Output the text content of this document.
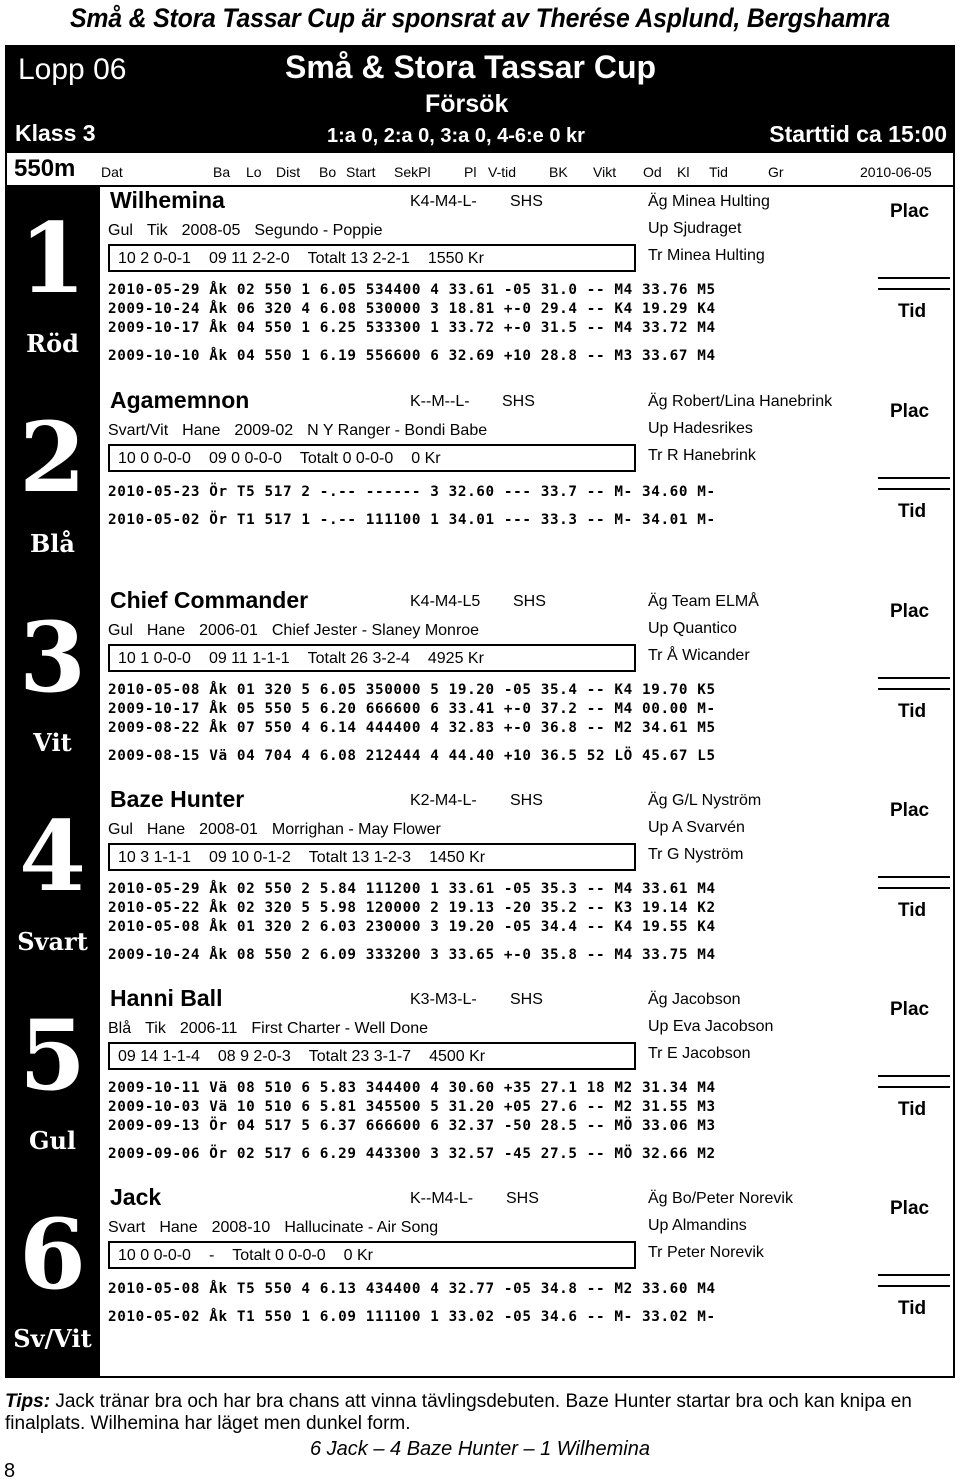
Små & Stora Tassar Cup är sponsrat av Therése Asplund, Bergshamra
Lopp 06	Små & Stora Tassar Cup
Försök
Klass 3	1:a 0, 2:a 0, 3:a 0, 4-6:e 0 kr	Starttid ca 15:00
550m Dat	Ba Lo Dist Bo Start SekPl Pl V-tid BK Vikt Od Kl Tid	Gr	2010-06-05
1
Röd
2
Blå
3
Vit
4
Svart
5
Gul
6
Sv/Vit
Wilhemina	K4-M4-L- SHS
Gul Tik 2008-05 Segundo - Poppie
10 2 0-0-1 09 11 2-2-0 Totalt 13 2-2-1 1550 Kr
Äg Minea Hulting
Up Sjudraget
Tr Minea Hulting
2010-05-29 Åk 02 550 1 6.05 534400 4 33.61 -05 31.0 -- M4 33.76 M5
2009-10-24 Åk 06 320 4 6.08 530000 3 18.81 +-0 29.4 -- K4 19.29 K4
2009-10-17 Åk 04 550 1 6.25 533300 1 33.72 +-0 31.5 -- M4 33.72 M4
2009-10-10 Åk 04 550 1 6.19 556600 6 32.69 +10 28.8 -- M3 33.67 M4
Plac
Tid
Agamemnon	K--M--L- SHS
Svart/Vit Hane 2009-02 N Y Ranger - Bondi Babe
10 0 0-0-0 09 0 0-0-0 Totalt 0 0-0-0 0 Kr
Äg Robert/Lina Hanebrink
Up Hadesrikes
Tr R Hanebrink
2010-05-23 Ör T5 517 2 -.-- ------ 3 32.60 --- 33.7 -- M- 34.60 M-
2010-05-02 Ör T1 517 1 -.-- 111100 1 34.01 --- 33.3 -- M- 34.01 M-
Plac
Tid
Chief Commander	K4-M4-L5 SHS
Gul Hane 2006-01 Chief Jester - Slaney Monroe
10 1 0-0-0 09 11 1-1-1 Totalt 26 3-2-4 4925 Kr
Äg Team ELMÅ
Up Quantico
Tr Å Wicander
2010-05-08 Åk 01 320 5 6.05 350000 5 19.20 -05 35.4 -- K4 19.70 K5
2009-10-17 Åk 05 550 5 6.20 666600 6 33.41 +-0 37.2 -- M4 00.00 M-
2009-08-22 Åk 07 550 4 6.14 444400 4 32.83 +-0 36.8 -- M2 34.61 M5
2009-08-15 Vä 04 704 4 6.08 212444 4 44.40 +10 36.5 52 LÖ 45.67 L5
Plac
Tid
Baze Hunter	K2-M4-L- SHS
Gul Hane 2008-01 Morrighan - May Flower
10 3 1-1-1 09 10 0-1-2 Totalt 13 1-2-3 1450 Kr
Äg G/L Nyström
Up A Svarvén
Tr G Nyström
2010-05-29 Åk 02 550 2 5.84 111200 1 33.61 -05 35.3 -- M4 33.61 M4
2010-05-22 Åk 02 320 5 5.98 120000 2 19.13 -20 35.2 -- K3 19.14 K2
2010-05-08 Åk 01 320 2 6.03 230000 3 19.20 -05 34.4 -- K4 19.55 K4
2009-10-24 Åk 08 550 2 6.09 333200 3 33.65 +-0 35.8 -- M4 33.75 M4
Plac
Tid
Hanni Ball	K3-M3-L- SHS
Blå Tik 2006-11 First Charter - Well Done
09 14 1-1-4 08 9 2-0-3 Totalt 23 3-1-7 4500 Kr
Äg Jacobson
Up Eva Jacobson
Tr E Jacobson
2009-10-11 Vä 08 510 6 5.83 344400 4 30.60 +35 27.1 18 M2 31.34 M4
2009-10-03 Vä 10 510 6 5.81 345500 5 31.20 +05 27.6 -- M2 31.55 M3
2009-09-13 Ör 04 517 5 6.37 666600 6 32.37 -50 28.5 -- MÖ 33.06 M3
2009-09-06 Ör 02 517 6 6.29 443300 3 32.57 -45 27.5 -- MÖ 32.66 M2
Plac
Tid
Jack	K--M4-L- SHS
Svart Hane 2008-10 Hallucinate - Air Song
10 0 0-0-0 - Totalt 0 0-0-0 0 Kr
Äg Bo/Peter Norevik
Up Almandins
Tr Peter Norevik
2010-05-08 Åk T5 550 4 6.13 434400 4 32.77 -05 34.8 -- M2 33.60 M4
2010-05-02 Åk T1 550 1 6.09 111100 1 33.02 -05 34.6 -- M- 33.02 M-
Plac
Tid
Tips: Jack tränar bra och har bra chans att vinna tävlingsdebuten. Baze Hunter startar bra och kan knipa en finalplats. Wilhemina har läget men dunkel form.
6 Jack – 4 Baze Hunter – 1 Wilhemina
8
